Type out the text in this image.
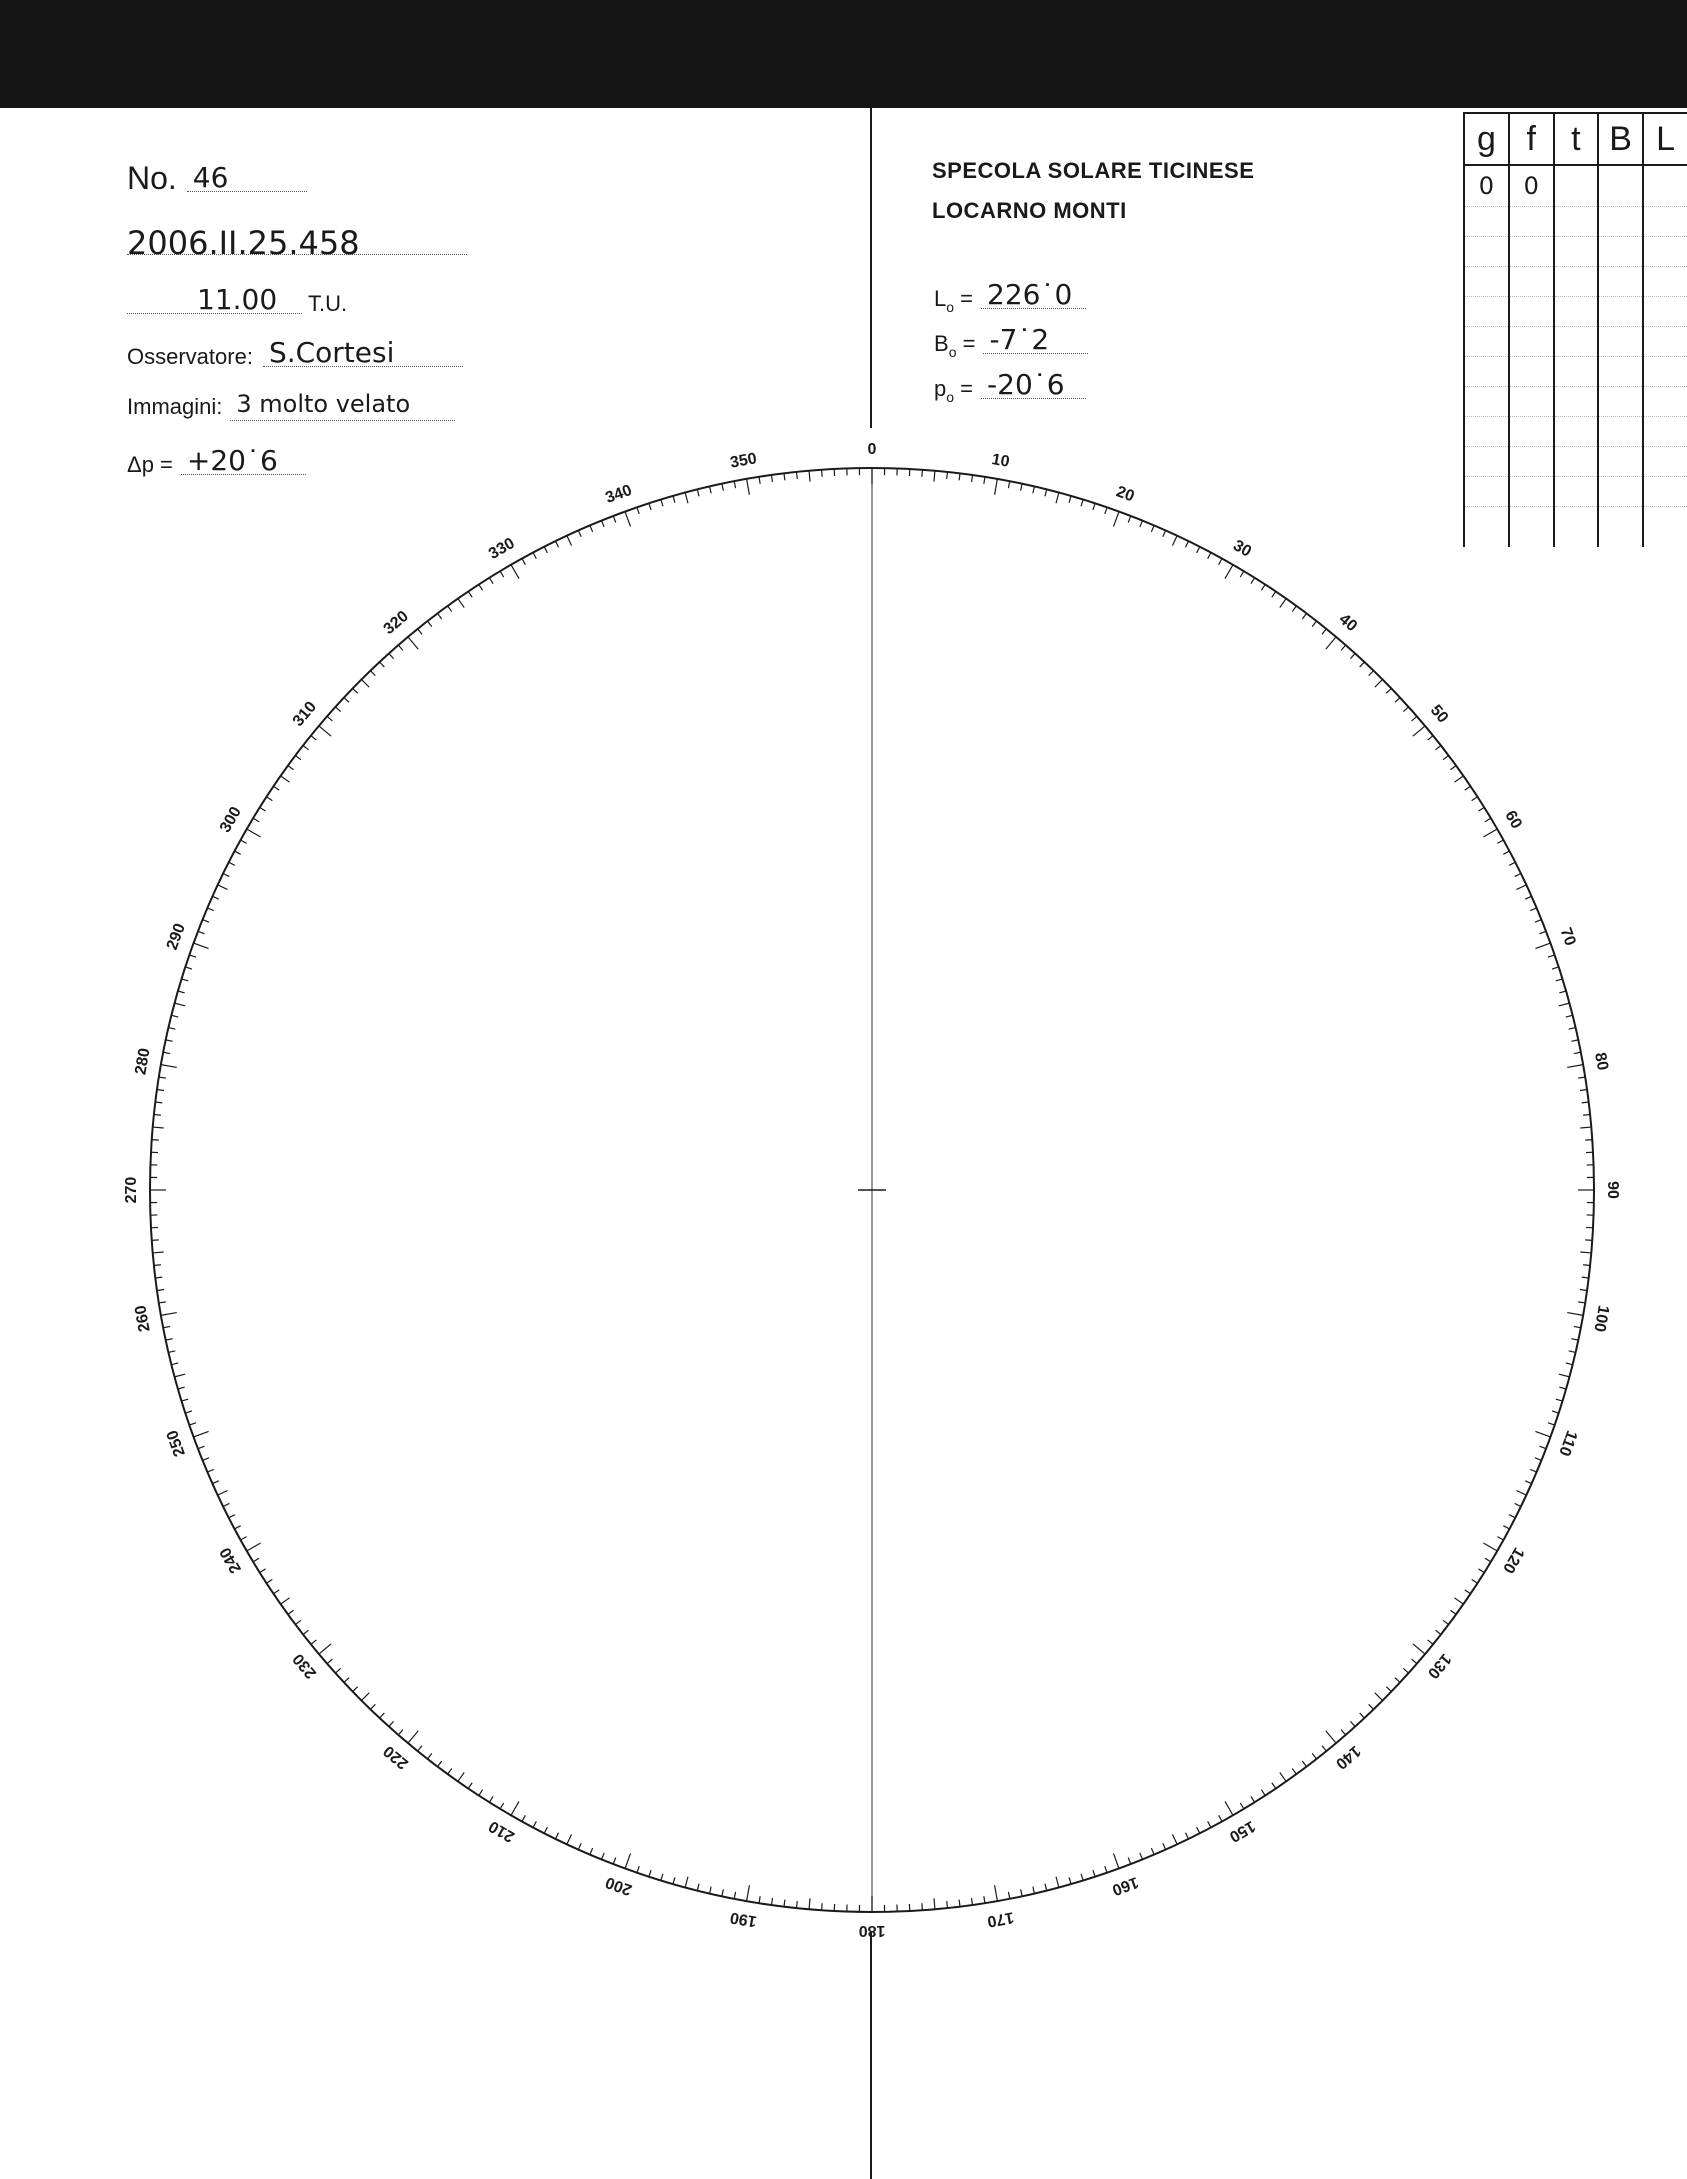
No. 46
2006.II.25.458
11.00	T.U.
Osservatore: S.Cortesi
Immagini: 3 molto velato
Δp = +20˙6
SPECOLA SOLARE TICINESE
LOCARNO MONTI
$L_o$ = 226˙0
$B_o$ = -7˙2
$p_o$ = -20˙6
g	f	t	B	L
0	0			

0
10
20
30
40
50
60
70
80
90
100
110
120
130
140
150
160
170
180
190
200
210
220
230
240
250
260
270
280
290
300
310
320
330
340
350
